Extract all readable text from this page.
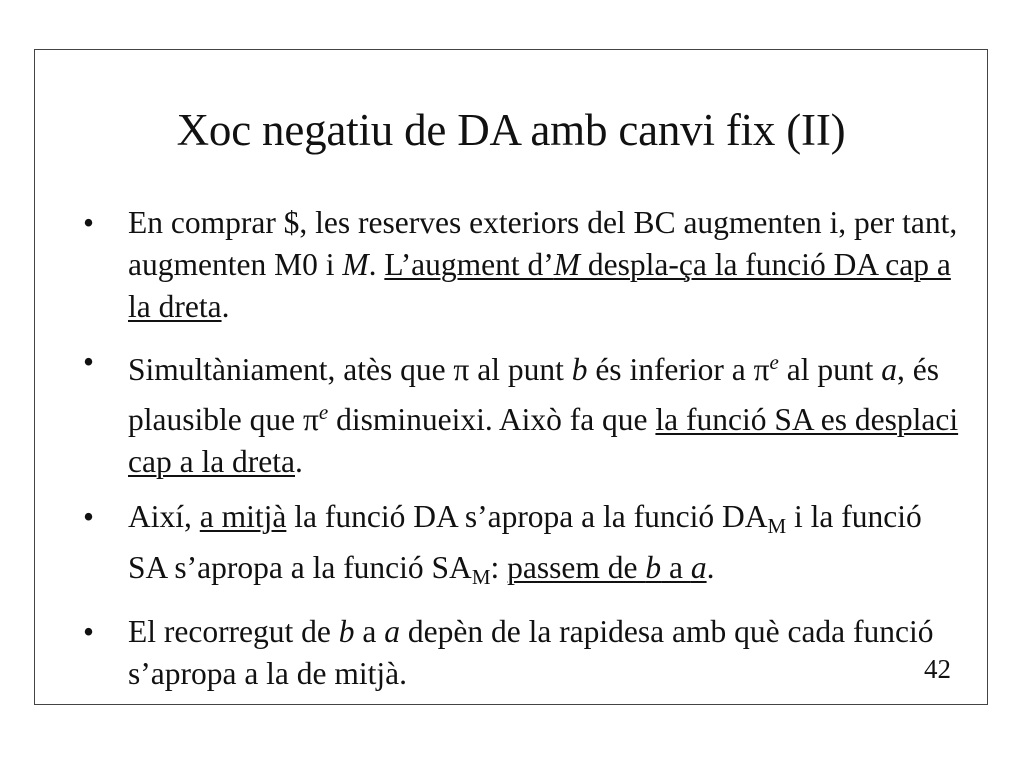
Xoc negatiu de DA amb canvi fix (II)
•	En comprar $, les reserves exteriors del BC augmenten i, per tant, augmenten M0 i M. L’augment d’M despla-ça la funció DA cap a la dreta.
•	Simultàniament, atès que π al punt b és inferior a $\pi^e$ al punt a, és plausible que $\pi^e$ disminueixi. Això fa que la funció SA es desplaci cap a la dreta.
•	Així, a mitjà la funció DA s’apropa a la funció $DA_M$ i la funció SA s’apropa a la funció $SA_M$: passem de b a a.
•	El recorregut de b a a depèn de la rapidesa amb què cada funció s’apropa a la de mitjà.	42
